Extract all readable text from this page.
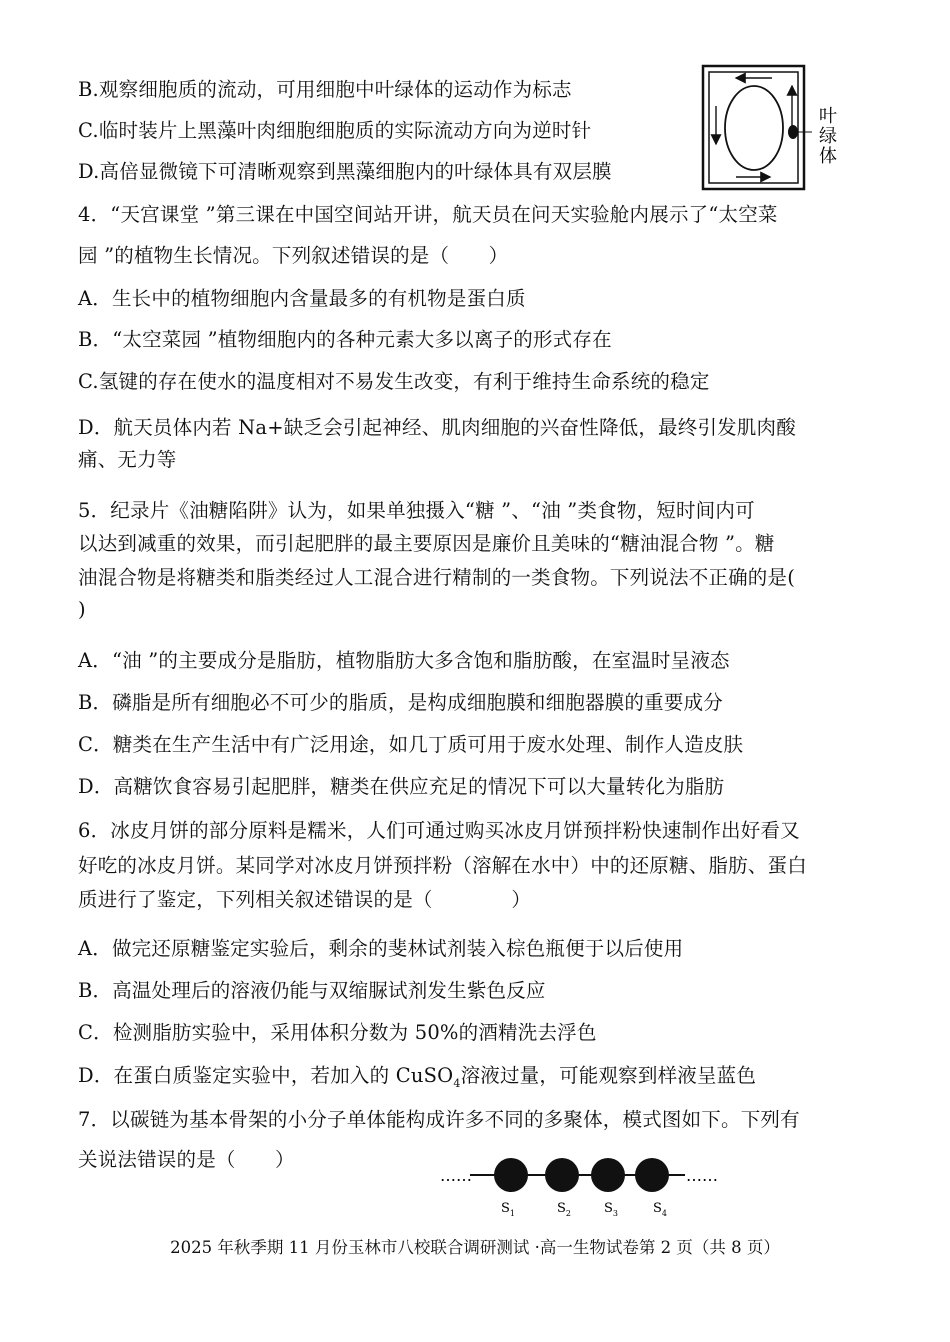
B.观察细胞质的流动，可用细胞中叶绿体的运动作为标志
C.临时装片上黑藻叶肉细胞细胞质的实际流动方向为逆时针
D.高倍显微镜下可清晰观察到黑藻细胞内的叶绿体具有双层膜
4．“天宫课堂 ”第三课在中国空间站开讲，航天员在问天实验舱内展示了“太空菜
园 ”的植物生长情况。下列叙述错误的是（　　）
A．生长中的植物细胞内含量最多的有机物是蛋白质
B．“太空菜园 ”植物细胞内的各种元素大多以离子的形式存在
C.氢键的存在使水的温度相对不易发生改变，有利于维持生命系统的稳定
D．航天员体内若 Na+缺乏会引起神经、肌肉细胞的兴奋性降低，最终引发肌肉酸
痛、无力等
5．纪录片《油糖陷阱》认为，如果单独摄入“糖 ”、“油 ”类食物，短时间内可
以达到减重的效果，而引起肥胖的最主要原因是廉价且美味的“糖油混合物 ”。糖
油混合物是将糖类和脂类经过人工混合进行精制的一类食物。下列说法不正确的是(
)
A．“油 ”的主要成分是脂肪，植物脂肪大多含饱和脂肪酸，在室温时呈液态
B．磷脂是所有细胞必不可少的脂质，是构成细胞膜和细胞器膜的重要成分
C．糖类在生产生活中有广泛用途，如几丁质可用于废水处理、制作人造皮肤
D．高糖饮食容易引起肥胖，糖类在供应充足的情况下可以大量转化为脂肪
6．冰皮月饼的部分原料是糯米，人们可通过购买冰皮月饼预拌粉快速制作出好看又
好吃的冰皮月饼。某同学对冰皮月饼预拌粉（溶解在水中）中的还原糖、脂肪、蛋白
质进行了鉴定，下列相关叙述错误的是（　　　　）
A．做完还原糖鉴定实验后，剩余的斐林试剂装入棕色瓶便于以后使用
B．高温处理后的溶液仍能与双缩脲试剂发生紫色反应
C．检测脂肪实验中，采用体积分数为 50%的酒精洗去浮色
D．在蛋白质鉴定实验中，若加入的 CuSO$_4$溶液过量，可能观察到样液呈蓝色
7．以碳链为基本骨架的小分子单体能构成许多不同的多聚体，模式图如下。下列有
关说法错误的是（　　）
叶
绿
体
……	……
$S_1$	$S_2$	$S_3$	$S_4$
2025 年秋季期 11 月份玉林市八校联合调研测试 ·高一生物试卷第 2 页（共 8 页）
